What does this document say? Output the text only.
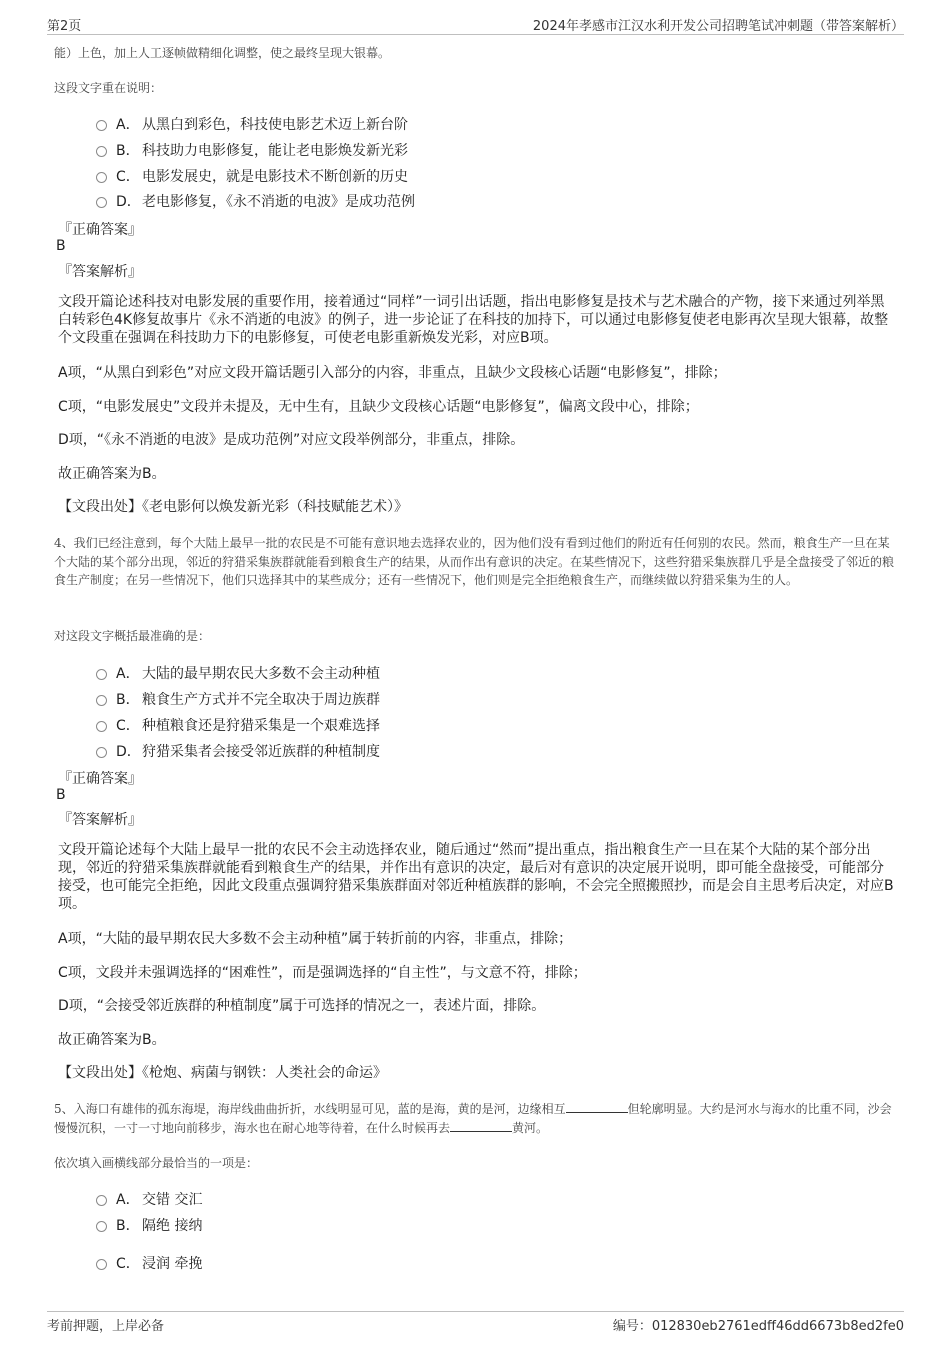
第2页	2024年孝感市江汉水利开发公司招聘笔试冲刺题（带答案解析）
能）上色，加上人工逐帧做精细化调整，使之最终呈现大银幕。
这段文字重在说明：
A． 从黑白到彩色，科技使电影艺术迈上新台阶
B． 科技助力电影修复，能让老电影焕发新光彩
C． 电影发展史，就是电影技术不断创新的历史
D．老电影修复，《永不消逝的电波》是成功范例
『正确答案』
B
『答案解析』
文段开篇论述科技对电影发展的重要作用，接着通过“同样”一词引出话题，指出电影修复是技术与艺术融合的产物，接下来通过列举黑白转彩色4K修复故事片《永不消逝的电波》的例子，进一步论证了在科技的加持下，可以通过电影修复使老电影再次呈现大银幕，故整个文段重在强调在科技助力下的电影修复，可使老电影重新焕发光彩，对应B项。
A项，“从黑白到彩色”对应文段开篇话题引入部分的内容，非重点，且缺少文段核心话题“电影修复”，排除；
C项，“电影发展史”文段并未提及，无中生有，且缺少文段核心话题“电影修复”，偏离文段中心，排除；
D项，“《永不消逝的电波》是成功范例”对应文段举例部分，非重点，排除。
故正确答案为B。
【文段出处】《老电影何以焕发新光彩（科技赋能艺术）》
4、我们已经注意到，每个大陆上最早一批的农民是不可能有意识地去选择农业的，因为他们没有看到过他们的附近有任何别的农民。然而，粮食生产一旦在某个大陆的某个部分出现，邻近的狩猎采集族群就能看到粮食生产的结果，从而作出有意识的决定。在某些情况下，这些狩猎采集族群几乎是全盘接受了邻近的粮食生产制度；在另一些情况下，他们只选择其中的某些成分；还有一些情况下，他们则是完全拒绝粮食生产，而继续做以狩猎采集为生的人。
对这段文字概括最准确的是：
A． 大陆的最早期农民大多数不会主动种植
B． 粮食生产方式并不完全取决于周边族群
C． 种植粮食还是狩猎采集是一个艰难选择
D．狩猎采集者会接受邻近族群的种植制度
『正确答案』
B
『答案解析』
文段开篇论述每个大陆上最早一批的农民不会主动选择农业，随后通过“然而”提出重点，指出粮食生产一旦在某个大陆的某个部分出现，邻近的狩猎采集族群就能看到粮食生产的结果，并作出有意识的决定，最后对有意识的决定展开说明，即可能全盘接受，可能部分接受，也可能完全拒绝，因此文段重点强调狩猎采集族群面对邻近种植族群的影响，不会完全照搬照抄，而是会自主思考后决定，对应B项。
A项，“大陆的最早期农民大多数不会主动种植”属于转折前的内容，非重点，排除；
C项，文段并未强调选择的“困难性”，而是强调选择的“自主性”，与文意不符，排除；
D项，“会接受邻近族群的种植制度”属于可选择的情况之一，表述片面，排除。
故正确答案为B。
【文段出处】《枪炮、病菌与钢铁：人类社会的命运》
5、入海口有雄伟的孤东海堤，海岸线曲曲折折，水线明显可见，蓝的是海，黄的是河，边缘相互	但轮廓明显。大约是河水与海水的比重不同，沙会慢慢沉积，一寸一寸地向前移步，海水也在耐心地等待着，在什么时候再去	黄河。
依次填入画横线部分最恰当的一项是：
A． 交错 交汇
B． 隔绝 接纳
C． 浸润 牵挽
考前押题，上岸必备	编号：012830eb2761edff46dd6673b8ed2fe0
